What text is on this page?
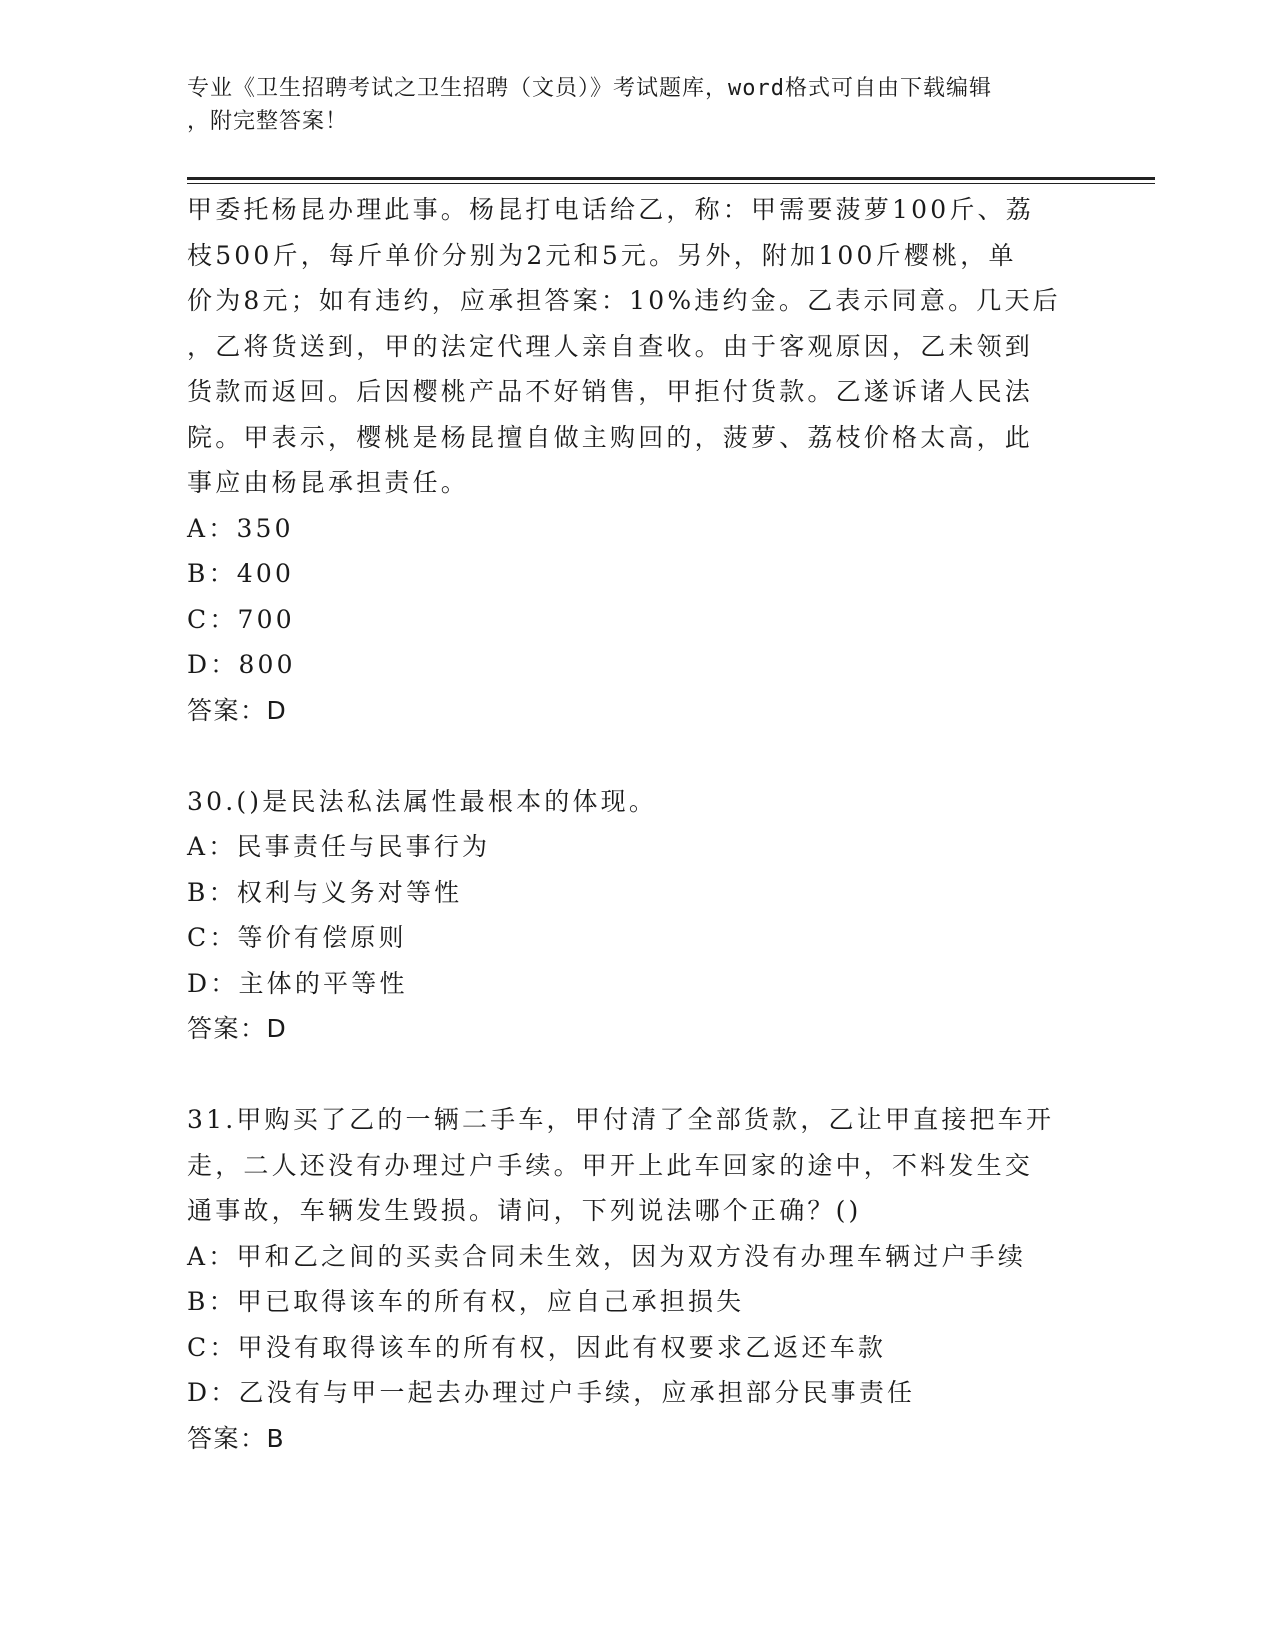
专业《卫生招聘考试之卫生招聘（文员）》考试题库，word格式可自由下载编辑
，附完整答案！
甲委托杨昆办理此事。杨昆打电话给乙，称：甲需要菠萝100斤、荔
枝500斤，每斤单价分别为2元和5元。另外，附加100斤樱桃，单
价为8元；如有违约，应承担答案：10%违约金。乙表示同意。几天后
，乙将货送到，甲的法定代理人亲自查收。由于客观原因，乙未领到
货款而返回。后因樱桃产品不好销售，甲拒付货款。乙遂诉诸人民法
院。甲表示，樱桃是杨昆擅自做主购回的，菠萝、荔枝价格太高，此
事应由杨昆承担责任。
A：350
B：400
C：700
D：800
答案：D
30.()是民法私法属性最根本的体现。
A：民事责任与民事行为
B：权利与义务对等性
C：等价有偿原则
D：主体的平等性
答案：D
31.甲购买了乙的一辆二手车，甲付清了全部货款，乙让甲直接把车开
走，二人还没有办理过户手续。甲开上此车回家的途中，不料发生交
通事故，车辆发生毁损。请问，下列说法哪个正确？()
A：甲和乙之间的买卖合同未生效，因为双方没有办理车辆过户手续
B：甲已取得该车的所有权，应自己承担损失
C：甲没有取得该车的所有权，因此有权要求乙返还车款
D：乙没有与甲一起去办理过户手续，应承担部分民事责任
答案：B
